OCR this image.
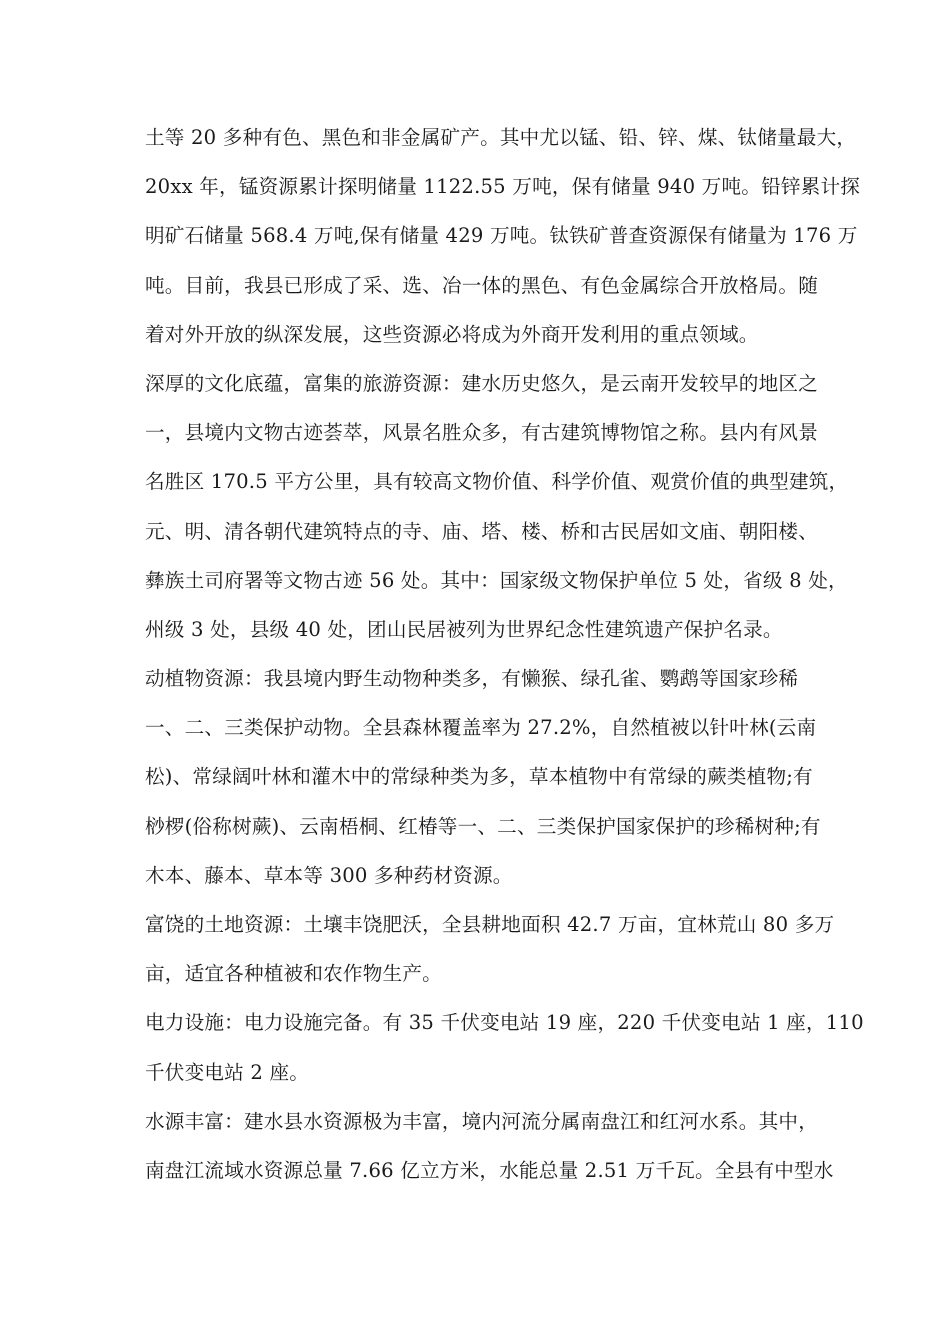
土等 20 多种有色、黑色和非金属矿产。其中尤以锰、铅、锌、煤、钛储量最大，
20xx 年，锰资源累计探明储量 1122.55 万吨，保有储量 940 万吨。铅锌累计探
明矿石储量 568.4 万吨,保有储量 429 万吨。钛铁矿普查资源保有储量为 176 万
吨。目前，我县已形成了采、选、冶一体的黑色、有色金属综合开放格局。随
着对外开放的纵深发展，这些资源必将成为外商开发利用的重点领域。
深厚的文化底蕴，富集的旅游资源：建水历史悠久，是云南开发较早的地区之
一，县境内文物古迹荟萃，风景名胜众多，有古建筑博物馆之称。县内有风景
名胜区 170.5 平方公里，具有较高文物价值、科学价值、观赏价值的典型建筑，
元、明、清各朝代建筑特点的寺、庙、塔、楼、桥和古民居如文庙、朝阳楼、
彝族土司府署等文物古迹 56 处。其中：国家级文物保护单位 5 处，省级 8 处，
州级 3 处，县级 40 处，团山民居被列为世界纪念性建筑遗产保护名录。
动植物资源：我县境内野生动物种类多，有懒猴、绿孔雀、鹦鹉等国家珍稀
一、二、三类保护动物。全县森林覆盖率为 27.2%，自然植被以针叶林(云南
松)、常绿阔叶林和灌木中的常绿种类为多，草本植物中有常绿的蕨类植物;有
桫椤(俗称树蕨)、云南梧桐、红椿等一、二、三类保护国家保护的珍稀树种;有
木本、藤本、草本等 300 多种药材资源。
富饶的土地资源：土壤丰饶肥沃，全县耕地面积 42.7 万亩，宜林荒山 80 多万
亩，适宜各种植被和农作物生产。
电力设施：电力设施完备。有 35 千伏变电站 19 座，220 千伏变电站 1 座，110
千伏变电站 2 座。
水源丰富：建水县水资源极为丰富，境内河流分属南盘江和红河水系。其中，
南盘江流域水资源总量 7.66 亿立方米，水能总量 2.51 万千瓦。全县有中型水
